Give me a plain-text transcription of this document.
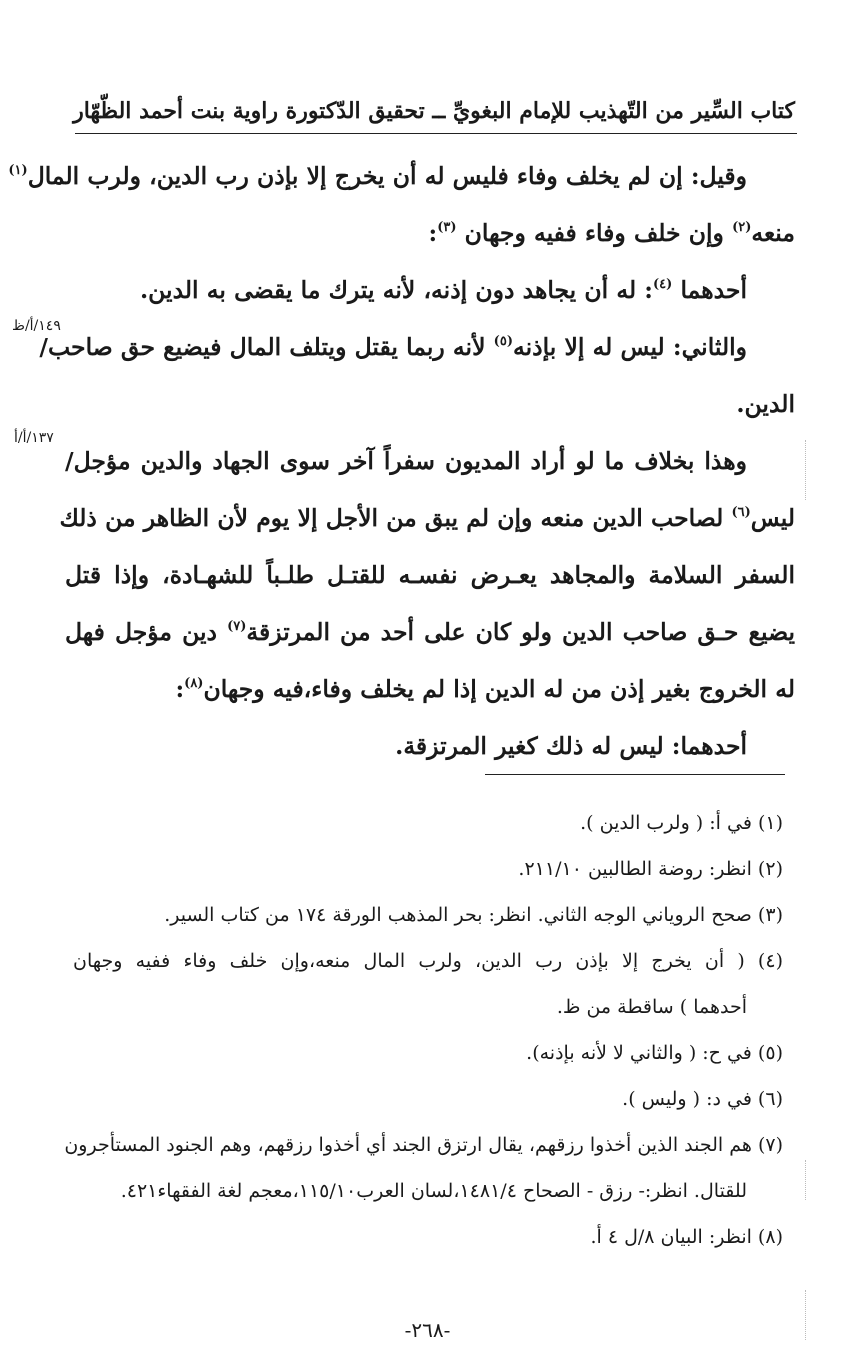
كتاب السِّير من التّهذيب للإمام البغويِّ ــ تحقيق الدّكتورة راوية بنت أحمد الظّهّار
١٤٩/أ/ظ
١٣٧/أ/أ
وقيل: إن لم يخلف وفاء فليس له أن يخرج إلا بإذن رب الدين، ولرب المال$^{(١)}$
منعه$^{(٢)}$ وإن خلف وفاء ففيه وجهان $^{(٣)}$:
أحدهما $^{(٤)}$: له أن يجاهد دون إذنه، لأنه يترك ما يقضى به الدين.
والثاني: ليس له إلا بإذنه$^{(٥)}$ لأنه ربما يقتل ويتلف المال فيضيع حق صاحب/
الدين.
وهذا بخلاف ما لو أراد المديون سفراً آخر سوى الجهاد والدين مؤجل/
ليس$^{(٦)}$ لصاحب الدين منعه وإن لم يبق من الأجل إلا يوم لأن الظاهر من ذلك
السفر السلامة والمجاهد يعـرض نفسـه للقتـل طلـباً للشهـادة، وإذا قتل
يضيع حـق صاحب الدين ولو كان على أحد من المرتزقة$^{(٧)}$ دين مؤجل فهل
له الخروج بغير إذن من له الدين إذا لم يخلف وفاء،فيه وجهان$^{(٨)}$:
أحدهما: ليس له ذلك كغير المرتزقة.
(١) في أ: ( ولرب الدين ).
(٢) انظر: روضة الطالبين ٢١١/١٠.
(٣) صحح الروياني الوجه الثاني. انظر: بحر المذهب الورقة ١٧٤ من كتاب السير.
(٤) ( أن يخرج إلا بإذن رب الدين، ولرب المال منعه،وإن خلف وفاء ففيه وجهان
أحدهما ) ساقطة من ظ.
(٥) في ح: ( والثاني لا لأنه بإذنه).
(٦) في د: ( وليس ).
(٧) هم الجند الذين أخذوا رزقهم، يقال ارتزق الجند أي أخذوا رزقهم، وهم الجنود المستأجرون
للقتال. انظر:- رزق - الصحاح ١٤٨١/٤،لسان العرب١١٥/١٠،معجم لغة الفقهاء٤٢١.
(٨) انظر: البيان ٨/ل ٤ أ.
-٢٦٨-
